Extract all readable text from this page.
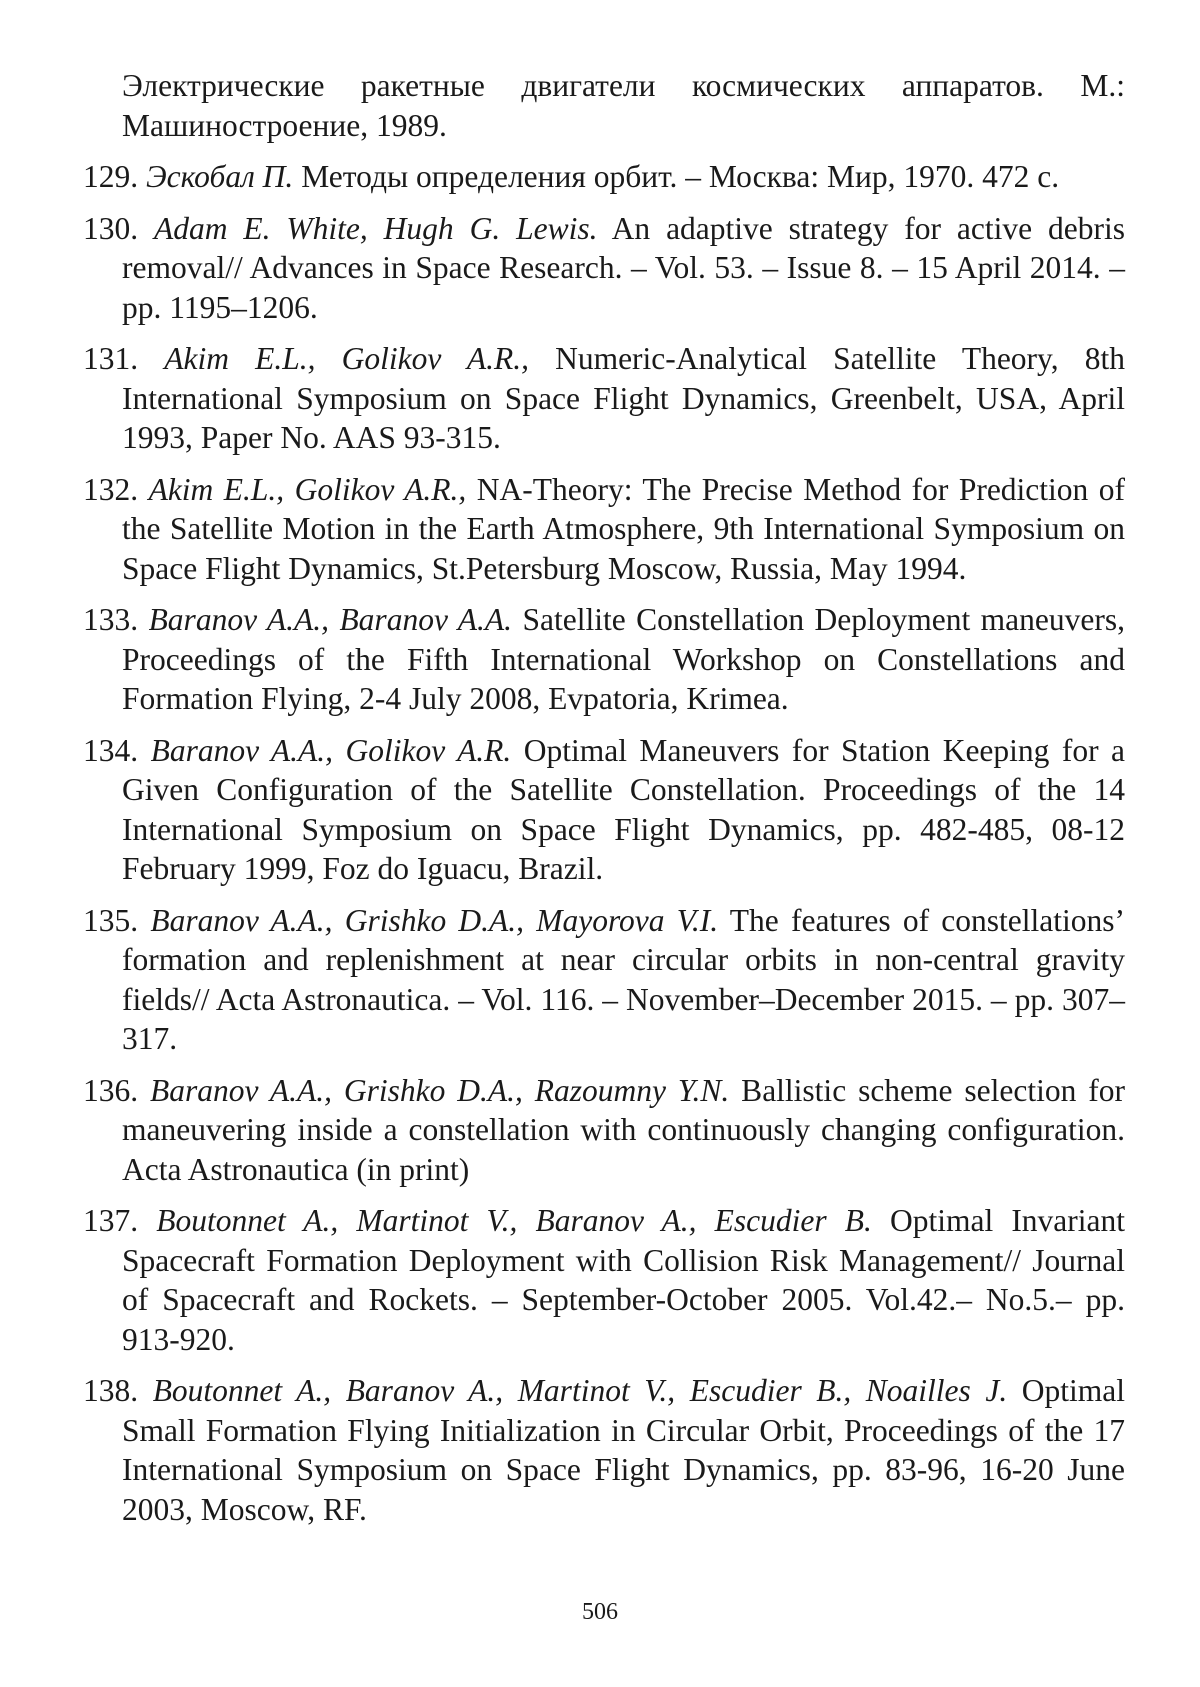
Электрические ракетные двигатели космических аппаратов. М.: Машиностроение, 1989.

129. Эскобал П. Методы определения орбит. – Москва: Мир, 1970. 472 с.

130. Adam E. White, Hugh G. Lewis. An adaptive strategy for active debris removal// Advances in Space Research. – Vol. 53. – Issue 8. – 15 April 2014. – pp. 1195–1206.

131. Akim E.L., Golikov A.R., Numeric-Analytical Satellite Theory, 8th International Symposium on Space Flight Dynamics, Greenbelt, USA, April 1993, Paper No. AAS 93-315.

132. Akim E.L., Golikov A.R., NA-Theory: The Precise Method for Prediction of the Satellite Motion in the Earth Atmosphere, 9th International Symposium on Space Flight Dynamics, St.Petersburg Moscow, Russia, May 1994.

133. Baranov A.A., Baranov A.A. Satellite Constellation Deployment maneuvers, Proceedings of the Fifth International Workshop on Constellations and Formation Flying, 2-4 July 2008, Evpatoria, Krimea.

134. Baranov A.A., Golikov A.R. Optimal Maneuvers for Station Keeping for a Given Configuration of the Satellite Constellation. Proceedings of the 14 International Symposium on Space Flight Dynamics, pp. 482-485, 08-12 February 1999, Foz do Iguacu, Brazil.

135. Baranov A.A., Grishko D.A., Mayorova V.I. The features of constellations’ formation and replenishment at near circular orbits in non-central gravity fields// Acta Astronautica. – Vol. 116. – November–December 2015. – pp. 307–317.

136. Baranov A.A., Grishko D.A., Razoumny Y.N. Ballistic scheme selection for maneuvering inside a constellation with continuously changing configuration. Acta Astronautica (in print)

137. Boutonnet A., Martinot V., Baranov A., Escudier B. Optimal Invariant Spacecraft Formation Deployment with Collision Risk Management// Journal of Spacecraft and Rockets. – September-October 2005. Vol.42.– No.5.– pp. 913-920.

138. Boutonnet A., Baranov A., Martinot V., Escudier B., Noailles J. Optimal Small Formation Flying Initialization in Circular Orbit, Proceedings of the 17 International Symposium on Space Flight Dynamics, pp. 83-96, 16-20 June 2003, Moscow, RF.

506
